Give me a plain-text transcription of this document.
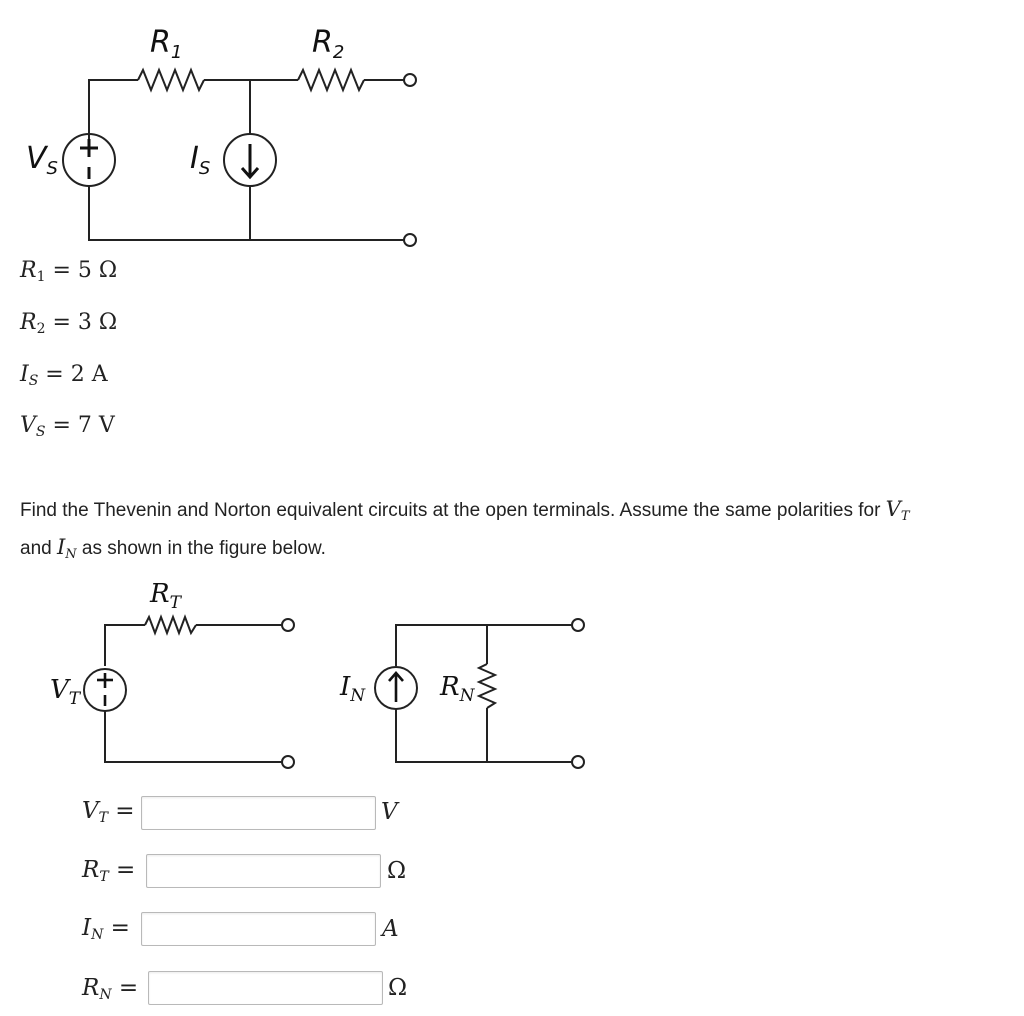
$R_1$	$R_2$
$V_S$	$I_S$
$R_T$
$V_T$	$I_N$	$R_N$
$R_1 = 5$ Ω
$R_2 = 3$ Ω
$I_S = 2$ A
$V_S = 7$ V
Find the Thevenin and Norton equivalent circuits at the open terminals. Assume the same polarities for $V_T$
and $I_N$ as shown in the figure below.
$V_T$ =	V
$R_T$ =	Ω
$I_N$ =	A
$R_N$ =	Ω
